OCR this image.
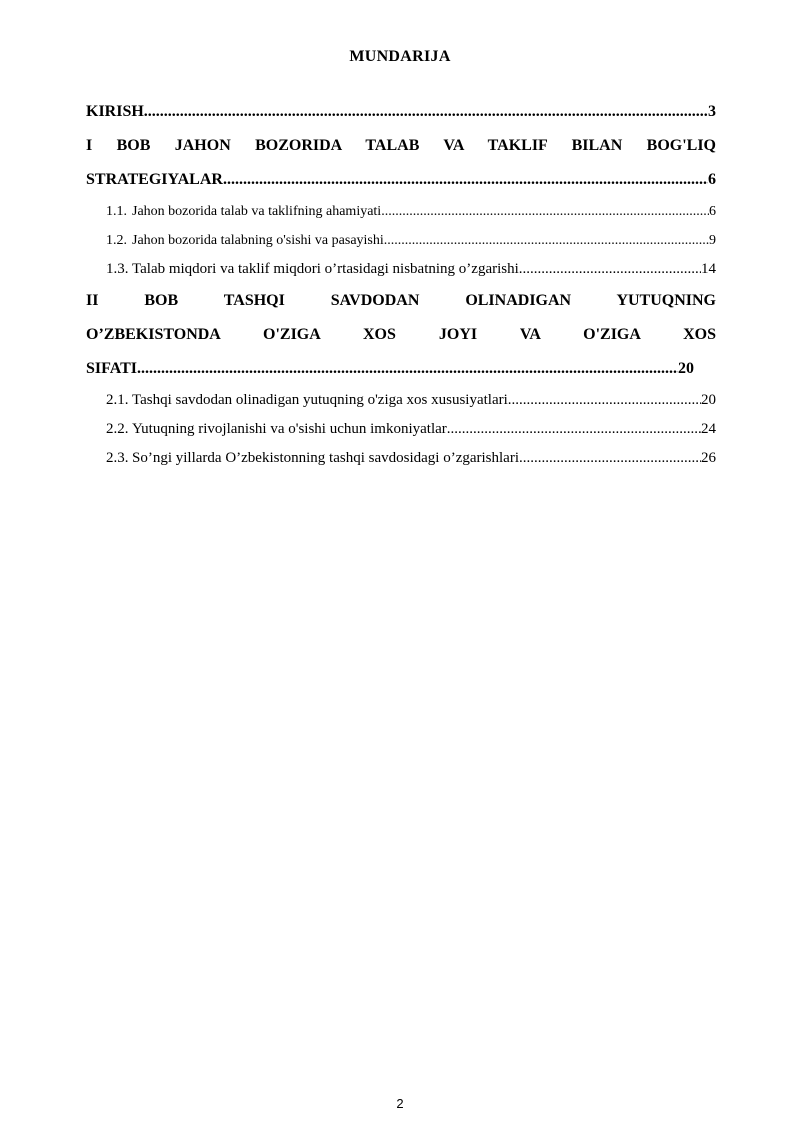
MUNDARIJA
KIRISH .....	3
I BOB JAHON BOZORIDA TALAB VA TAKLIF BILAN BOG'LIQ
STRATEGIYALAR .....	6
1.1. Jahon bozorida talab va taklifning ahamiyati .....	6
1.2. Jahon bozorida talabning o'sishi va pasayishi .....	9
1.3. Talab miqdori va taklif miqdori o’rtasidagi nisbatning o’zgarishi .....	14
II BOB TASHQI SAVDODAN OLINADIGAN YUTUQNING
O’ZBEKISTONDA O'ZIGA XOS JOYI VA O'ZIGA XOS
SIFATI .....	20
2.1. Tashqi savdodan olinadigan yutuqning o'ziga xos xususiyatlari .....	20
2.2. Yutuqning rivojlanishi va o'sishi uchun imkoniyatlar .....	24
2.3. So’ngi yillarda O’zbekistonning tashqi savdosidagi o’zgarishlari .....	26
2
